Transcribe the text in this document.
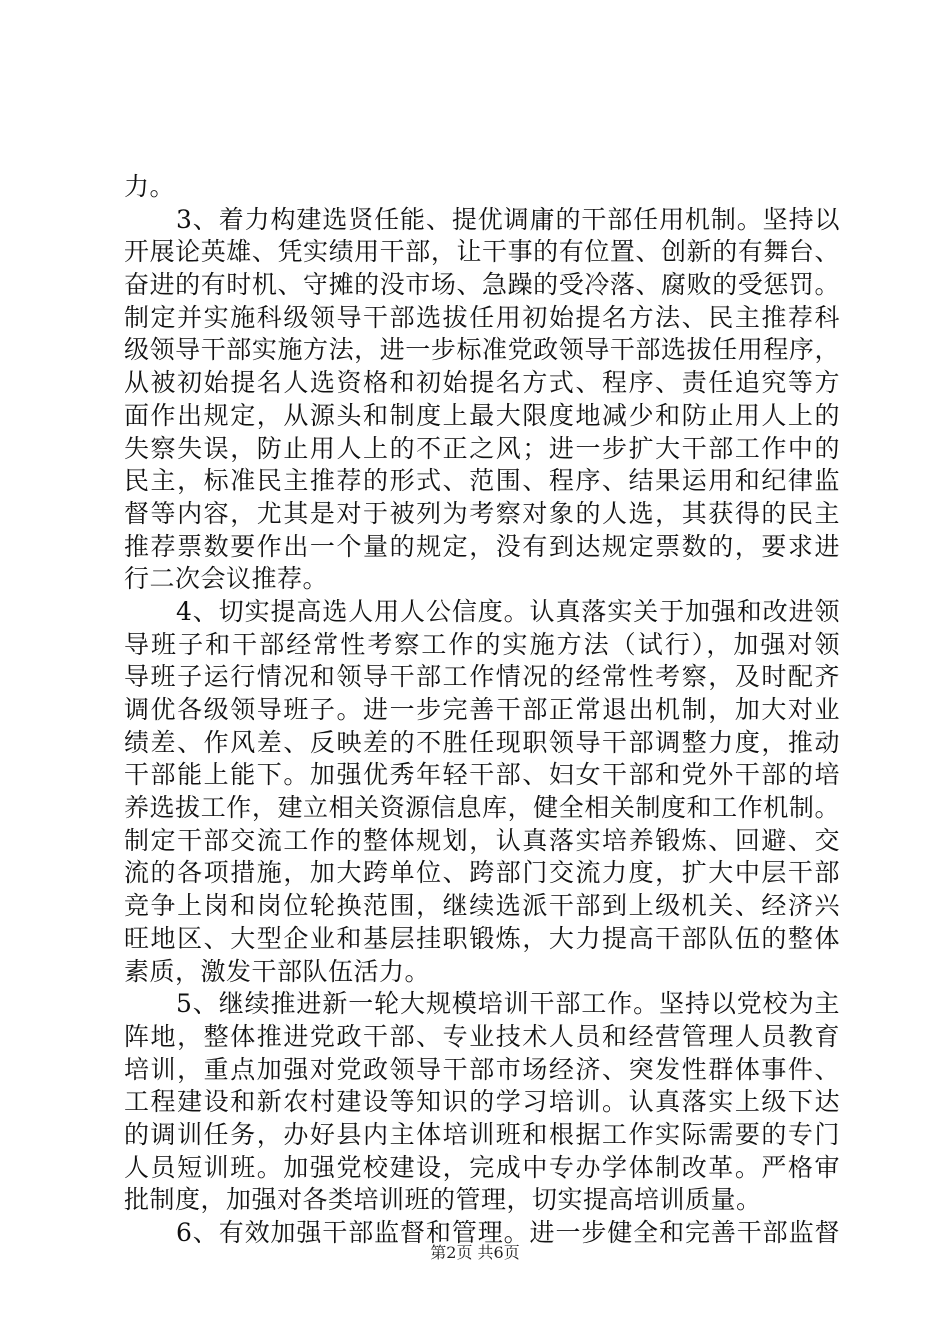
力。
3、着力构建选贤任能、提优调庸的干部任用机制。坚持以
开展论英雄、凭实绩用干部，让干事的有位置、创新的有舞台、
奋进的有时机、守摊的没市场、急躁的受冷落、腐败的受惩罚。
制定并实施科级领导干部选拔任用初始提名方法、民主推荐科
级领导干部实施方法，进一步标准党政领导干部选拔任用程序，
从被初始提名人选资格和初始提名方式、程序、责任追究等方
面作出规定，从源头和制度上最大限度地减少和防止用人上的
失察失误，防止用人上的不正之风；进一步扩大干部工作中的
民主，标准民主推荐的形式、范围、程序、结果运用和纪律监
督等内容，尤其是对于被列为考察对象的人选，其获得的民主
推荐票数要作出一个量的规定，没有到达规定票数的，要求进
行二次会议推荐。
4、切实提高选人用人公信度。认真落实关于加强和改进领
导班子和干部经常性考察工作的实施方法（试行），加强对领
导班子运行情况和领导干部工作情况的经常性考察，及时配齐
调优各级领导班子。进一步完善干部正常退出机制，加大对业
绩差、作风差、反映差的不胜任现职领导干部调整力度，推动
干部能上能下。加强优秀年轻干部、妇女干部和党外干部的培
养选拔工作，建立相关资源信息库，健全相关制度和工作机制。
制定干部交流工作的整体规划，认真落实培养锻炼、回避、交
流的各项措施，加大跨单位、跨部门交流力度，扩大中层干部
竞争上岗和岗位轮换范围，继续选派干部到上级机关、经济兴
旺地区、大型企业和基层挂职锻炼，大力提高干部队伍的整体
素质，激发干部队伍活力。
5、继续推进新一轮大规模培训干部工作。坚持以党校为主
阵地，整体推进党政干部、专业技术人员和经营管理人员教育
培训，重点加强对党政领导干部市场经济、突发性群体事件、
工程建设和新农村建设等知识的学习培训。认真落实上级下达
的调训任务，办好县内主体培训班和根据工作实际需要的专门
人员短训班。加强党校建设，完成中专办学体制改革。严格审
批制度，加强对各类培训班的管理，切实提高培训质量。
6、有效加强干部监督和管理。进一步健全和完善干部监督
第2页 共6页
